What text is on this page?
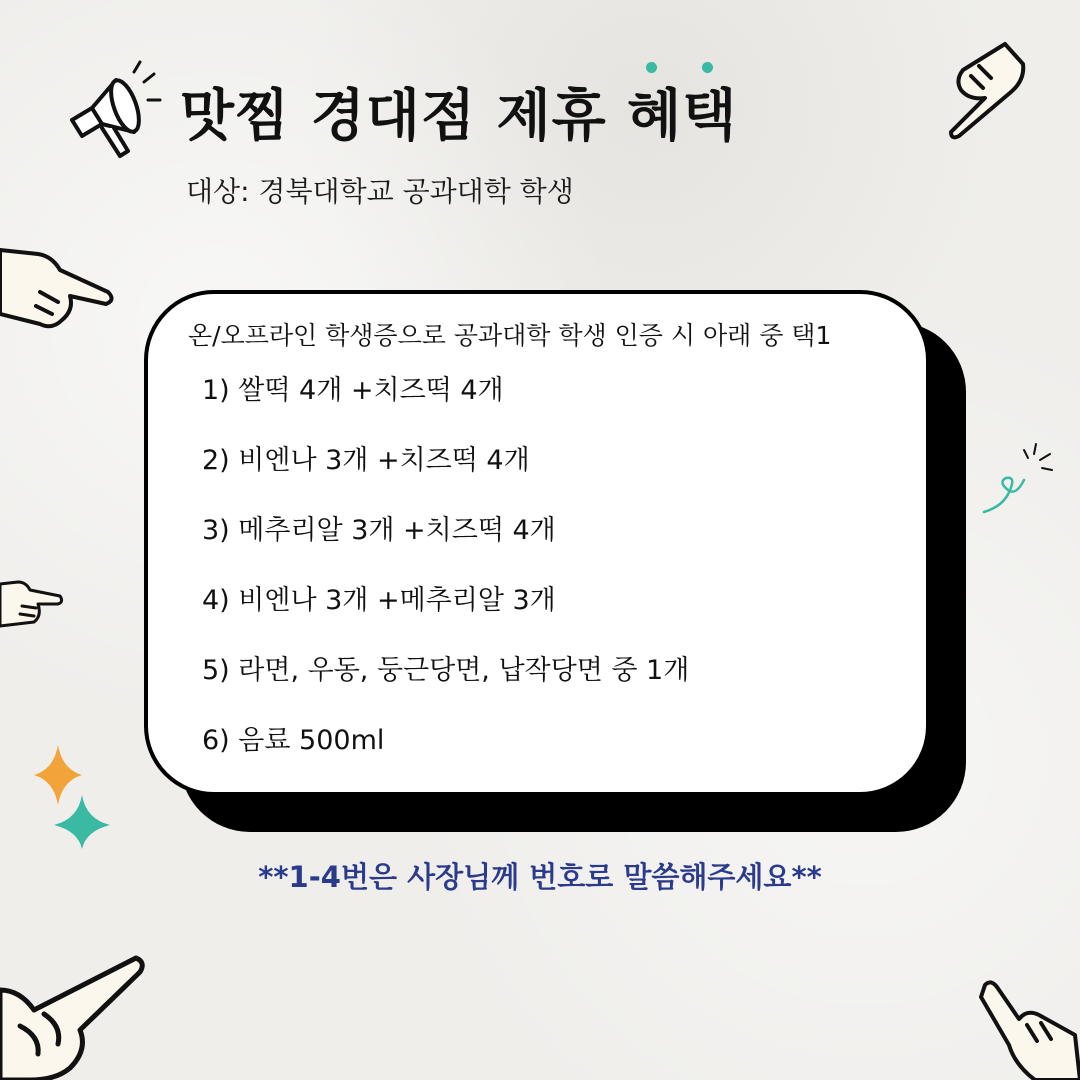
맛찜 경대점 제휴 혜택
대상: 경북대학교 공과대학 학생
온/오프라인 학생증으로 공과대학 학생 인증 시 아래 중 택1
1) 쌀떡 4개 +치즈떡 4개
2) 비엔나 3개 +치즈떡 4개
3) 메추리알 3개 +치즈떡 4개
4) 비엔나 3개 +메추리알 3개
5) 라면, 우동, 둥근당면, 납작당면 중 1개
6) 음료 500ml
**1-4번은 사장님께 번호로 말씀해주세요**
